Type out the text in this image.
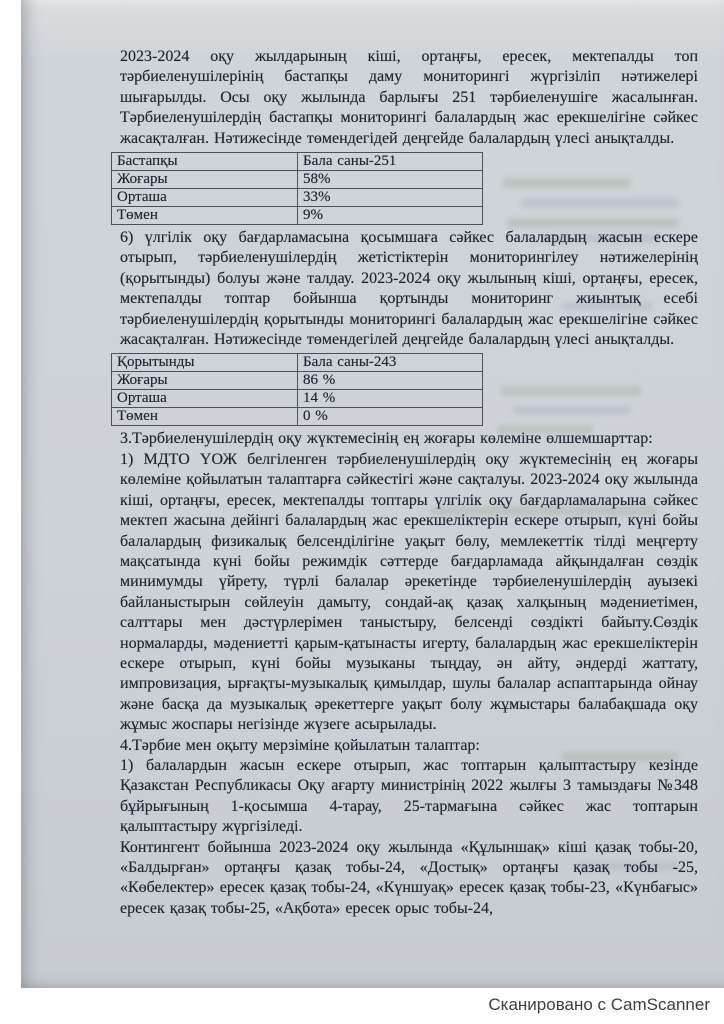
2023-2024 оқу жылдарының кіші, ортаңғы, ересек, мектепалды топ тәрбиеленушілерінің бастапқы даму мониторингі жүргізіліп нәтижелері шығарылды. Осы оқу жылында барлығы 251 тәрбиеленушіге жасалынған. Тәрбиеленушілердің бастапқы мониторингі балалардың жас ерекшелігіне сәйкес жасақталған. Нәтижесінде төмендегідей деңгейде балалардың үлесі анықталды.

Бастапқы	Бала саны-251
Жоғары	58%
Орташа	33%
Төмен	9%

6) үлгілік оқу бағдарламасына қосымшаға сәйкес балалардың жасын ескере отырып, тәрбиеленушілердің жетістіктерін мониторингілеу нәтижелерінің (қорытынды) болуы және талдау. 2023-2024 оқу жылының кіші, ортаңғы, ересек, мектепалды топтар бойынша қортынды мониторинг жиынтық есебі тәрбиеленушілердің қорытынды мониторингі балалардың жас ерекшелігіне сәйкес жасақталған. Нәтижесінде төмендегілей деңгейде балалардың үлесі анықталды.

Қорытынды	Бала саны-243
Жоғары	86 %
Орташа	14 %
Төмен	0 %

3.Тәрбиеленушілердің оқу жүктемесінің ең жоғары көлеміне өлшемшарттар:

1) МДТО ҮОЖ белгіленген тәрбиеленушілердің оқу жүктемесінің ең жоғары көлеміне қойылатын талаптарға сәйкестігі және сақталуы. 2023-2024 оқу жылында кіші, ортаңғы, ересек, мектепалды топтары үлгілік оқу бағдарламаларына сәйкес мектеп жасына дейінгі балалардың жас ерекшеліктерін ескере отырып, күні бойы балалардың физикалық белсенділігіне уақыт бөлу, мемлекеттік тілді меңгерту мақсатында күні бойы режимдік сәттерде бағдарламада айқындалған сөздік минимумды үйрету, түрлі балалар әрекетінде тәрбиеленушілердің ауызекі байланыстырын сөйлеуін дамыту, сондай-ақ қазақ халқының мәдениетімен, салттары мен дәстүрлерімен таныстыру, белсенді сөздікті байыту.Сөздік нормаларды, мәдениетті қарым-қатынасты игерту, балалардың жас ерекшеліктерін ескере отырып, күні бойы музыканы тыңдау, ән айту, әндерді жаттату, импровизация, ырғақты-музыкалық қимылдар, шулы балалар аспаптарында ойнау және басқа да музыкалық әрекеттерге уақыт болу жұмыстары балабақшада оқу жұмыс жоспары негізінде жүзеге асырылады.

4.Тәрбие мен оқыту мерзіміне қойылатын талаптар:

1) балалардын жасын ескере отырып, жас топтарын қалыптастыру кезінде Қазакстан Республикасы Оқу ағарту министрінің 2022 жылғы 3 тамыздағы №348 бұйрығының 1-қосымша 4-тарау, 25-тармағына сәйкес жас топтарын қалыптастыру жүргізіледі.

Контингент бойынша 2023-2024 оқу жылында «Құлыншақ» кіші қазақ тобы-20, «Балдырған» ортаңғы қазақ тобы-24, «Достық» ортаңғы қазақ тобы -25, «Көбелектер» ересек қазақ тобы-24, «Күншуақ» ересек қазақ тобы-23, «Күнбағыс» ересек қазақ тобы-25, «Ақбота» ересек орыс тобы-24,

Сканировано с CamScanner
